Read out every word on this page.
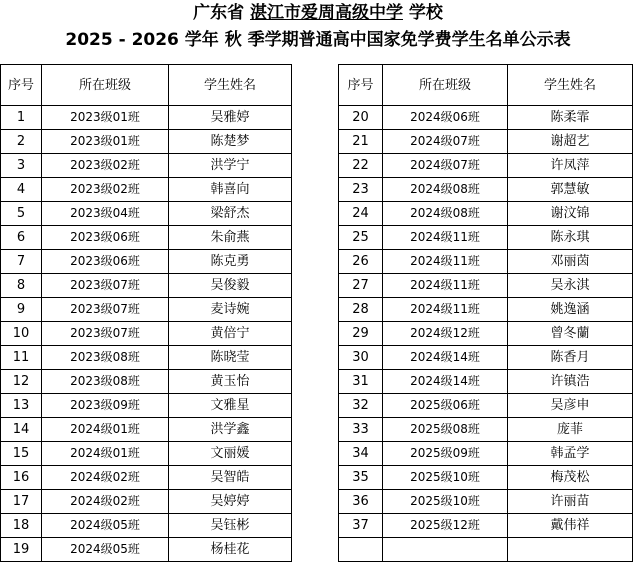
广东省 湛江市爱周高级中学 学校
2025 - 2026 学年 秋 季学期普通高中国家免学费学生名单公示表
序号	所在班级	学生姓名
1	2023级01班	吴雅婷
2	2023级01班	陈楚梦
3	2023级02班	洪学宁
4	2023级02班	韩喜向
5	2023级04班	梁舒杰
6	2023级06班	朱俞燕
7	2023级06班	陈克勇
8	2023级07班	吴俊毅
9	2023级07班	麦诗婉
10	2023级07班	黄倍宁
11	2023级08班	陈晓莹
12	2023级08班	黄玉怡
13	2023级09班	文雅星
14	2024级01班	洪学鑫
15	2024级01班	文丽媛
16	2024级02班	吴智皓
17	2024级02班	吴婷婷
18	2024级05班	吴钰彬
19	2024级05班	杨桂花
序号	所在班级	学生姓名
20	2024级06班	陈柔霏
21	2024级07班	谢超艺
22	2024级07班	许凤萍
23	2024级08班	郭慧敏
24	2024级08班	谢汶锦
25	2024级11班	陈永琪
26	2024级11班	邓丽茵
27	2024级11班	吴永淇
28	2024级11班	姚逸涵
29	2024级12班	曾冬蘭
30	2024级14班	陈香月
31	2024级14班	许镇浩
32	2025级06班	吴彦申
33	2025级08班	庞菲
34	2025级09班	韩孟学
35	2025级10班	梅茂松
36	2025级10班	许丽苗
37	2025级12班	戴伟祥
